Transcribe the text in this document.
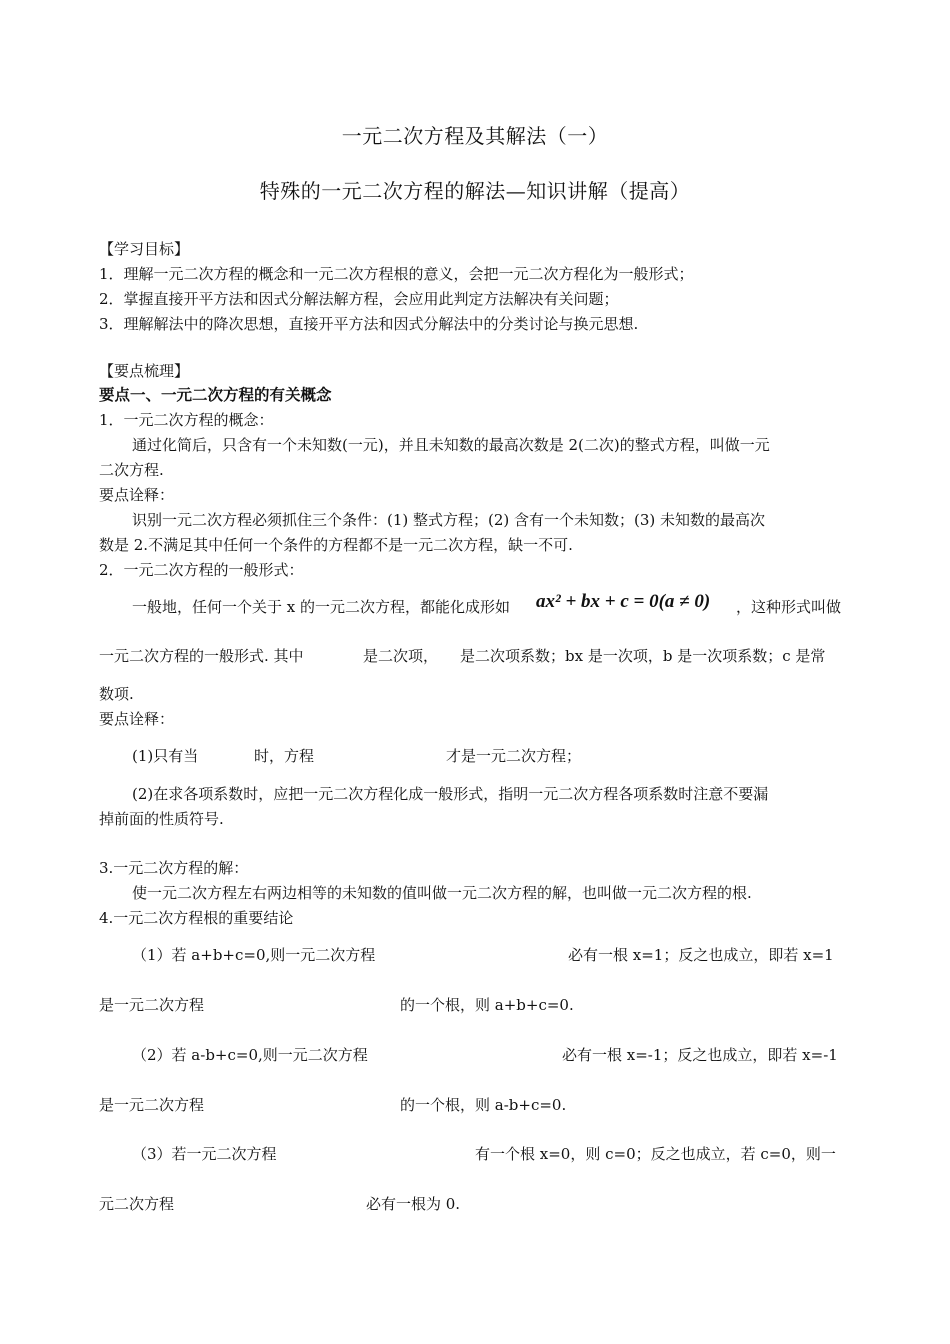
一元二次方程及其解法（一）
特殊的一元二次方程的解法—知识讲解（提高）
【学习目标】
1．理解一元二次方程的概念和一元二次方程根的意义，会把一元二次方程化为一般形式；
2．掌握直接开平方法和因式分解法解方程，会应用此判定方法解决有关问题；
3．理解解法中的降次思想，直接开平方法和因式分解法中的分类讨论与换元思想.
【要点梳理】
要点一、一元二次方程的有关概念
1．一元二次方程的概念：
通过化简后，只含有一个未知数(一元)，并且未知数的最高次数是 2(二次)的整式方程，叫做一元
二次方程.
要点诠释：
识别一元二次方程必须抓住三个条件：(1) 整式方程；(2) 含有一个未知数；(3) 未知数的最高次
数是 2.不满足其中任何一个条件的方程都不是一元二次方程，缺一不可.
2．一元二次方程的一般形式：
一般地，任何一个关于 x 的一元二次方程，都能化成形如 ax² + bx + c = 0(a ≠ 0) ，这种形式叫做
一元二次方程的一般形式. 其中	是二次项， 是二次项系数；bx 是一次项，b 是一次项系数；c 是常
数项.
要点诠释：
(1)只有当	时，方程	才是一元二次方程；
(2)在求各项系数时，应把一元二次方程化成一般形式，指明一元二次方程各项系数时注意不要漏
掉前面的性质符号.
3.一元二次方程的解：
使一元二次方程左右两边相等的未知数的值叫做一元二次方程的解，也叫做一元二次方程的根.
4.一元二次方程根的重要结论
（1）若 a+b+c=0,则一元二次方程	必有一根 x=1；反之也成立，即若 x=1
是一元二次方程	的一个根，则 a+b+c=0.
（2）若 a-b+c=0,则一元二次方程	必有一根 x=-1；反之也成立，即若 x=-1
是一元二次方程	的一个根，则 a-b+c=0.
（3）若一元二次方程	有一个根 x=0，则 c=0；反之也成立，若 c=0，则一
元二次方程	必有一根为 0.
